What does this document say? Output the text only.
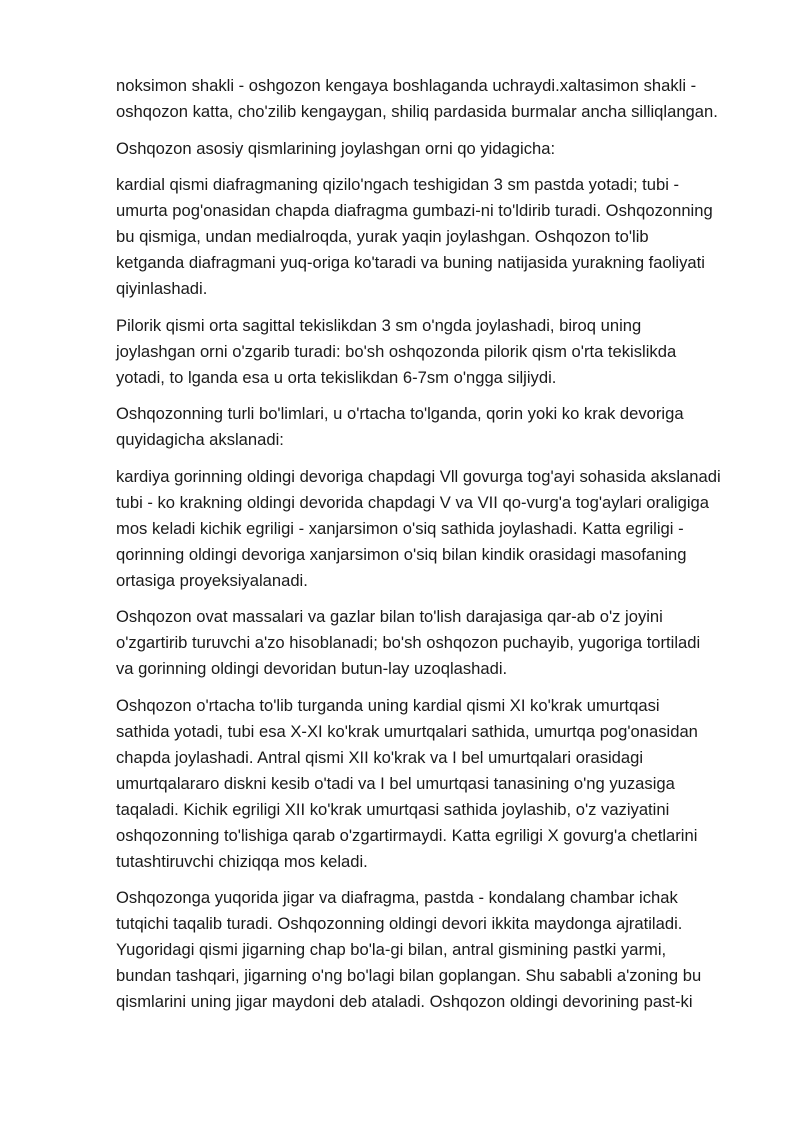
noksimon shakli - oshgozon kengaya boshlaganda uchraydi.xaltasimon shakli -
oshqozon katta, cho'zilib kengaygan, shiliq pardasida burmalar ancha silliqlangan.

Oshqozon asosiy qismlarining joylashgan orni qo yidagicha:

kardial qismi diafragmaning qizilo'ngach teshigidan 3 sm pastda yotadi; tubi -
umurta pog'onasidan chapda diafragma gumbazi-ni to'ldirib turadi. Oshqozonning
bu qismiga, undan medialroqda, yurak yaqin joylashgan. Oshqozon to'lib
ketganda diafragmani yuq-origa ko'taradi va buning natijasida yurakning faoliyati
qiyinlashadi.

Pilorik qismi orta sagittal tekislikdan 3 sm o'ngda joylashadi, biroq uning
joylashgan orni o'zgarib turadi: bo'sh oshqozonda pilorik qism o'rta tekislikda
yotadi, to lganda esa u orta tekislikdan 6-7sm o'ngga siljiydi.

Oshqozonning turli bo'limlari, u o'rtacha to'lganda, qorin yoki ko krak devoriga
quyidagicha akslanadi:

kardiya gorinning oldingi devoriga chapdagi Vll govurga tog'ayi sohasida akslanadi
tubi - ko krakning oldingi devorida chapdagi V va VII qo-vurg'a tog'aylari oraligiga
mos keladi kichik egriligi - xanjarsimon o'siq sathida joylashadi. Katta egriligi -
qorinning oldingi devoriga xanjarsimon o'siq bilan kindik orasidagi masofaning
ortasiga proyeksiyalanadi.

Oshqozon ovat massalari va gazlar bilan to'lish darajasiga qar-ab o'z joyini
o'zgartirib turuvchi a'zo hisoblanadi; bo'sh oshqozon puchayib, yugoriga tortiladi
va gorinning oldingi devoridan butun-lay uzoqlashadi.

Oshqozon o'rtacha to'lib turganda uning kardial qismi XI ko'krak umurtqasi
sathida yotadi, tubi esa X-XI ko'krak umurtqalari sathida, umurtqa pog'onasidan
chapda joylashadi. Antral qismi XII ko'krak va I bel umurtqalari orasidagi
umurtqalararo diskni kesib o'tadi va I bel umurtqasi tanasining o'ng yuzasiga
taqaladi. Kichik egriligi XII ko'krak umurtqasi sathida joylashib, o'z vaziyatini
oshqozonning to'lishiga qarab o'zgartirmaydi. Katta egriligi X govurg'a chetlarini
tutashtiruvchi chiziqqa mos keladi.

Oshqozonga yuqorida jigar va diafragma, pastda - kondalang chambar ichak
tutqichi taqalib turadi. Oshqozonning oldingi devori ikkita maydonga ajratiladi.
Yugoridagi qismi jigarning chap bo'la-gi bilan, antral gismining pastki yarmi,
bundan tashqari, jigarning o'ng bo'lagi bilan goplangan. Shu sababli a'zoning bu
qismlarini uning jigar maydoni deb ataladi. Oshqozon oldingi devorining past-ki
